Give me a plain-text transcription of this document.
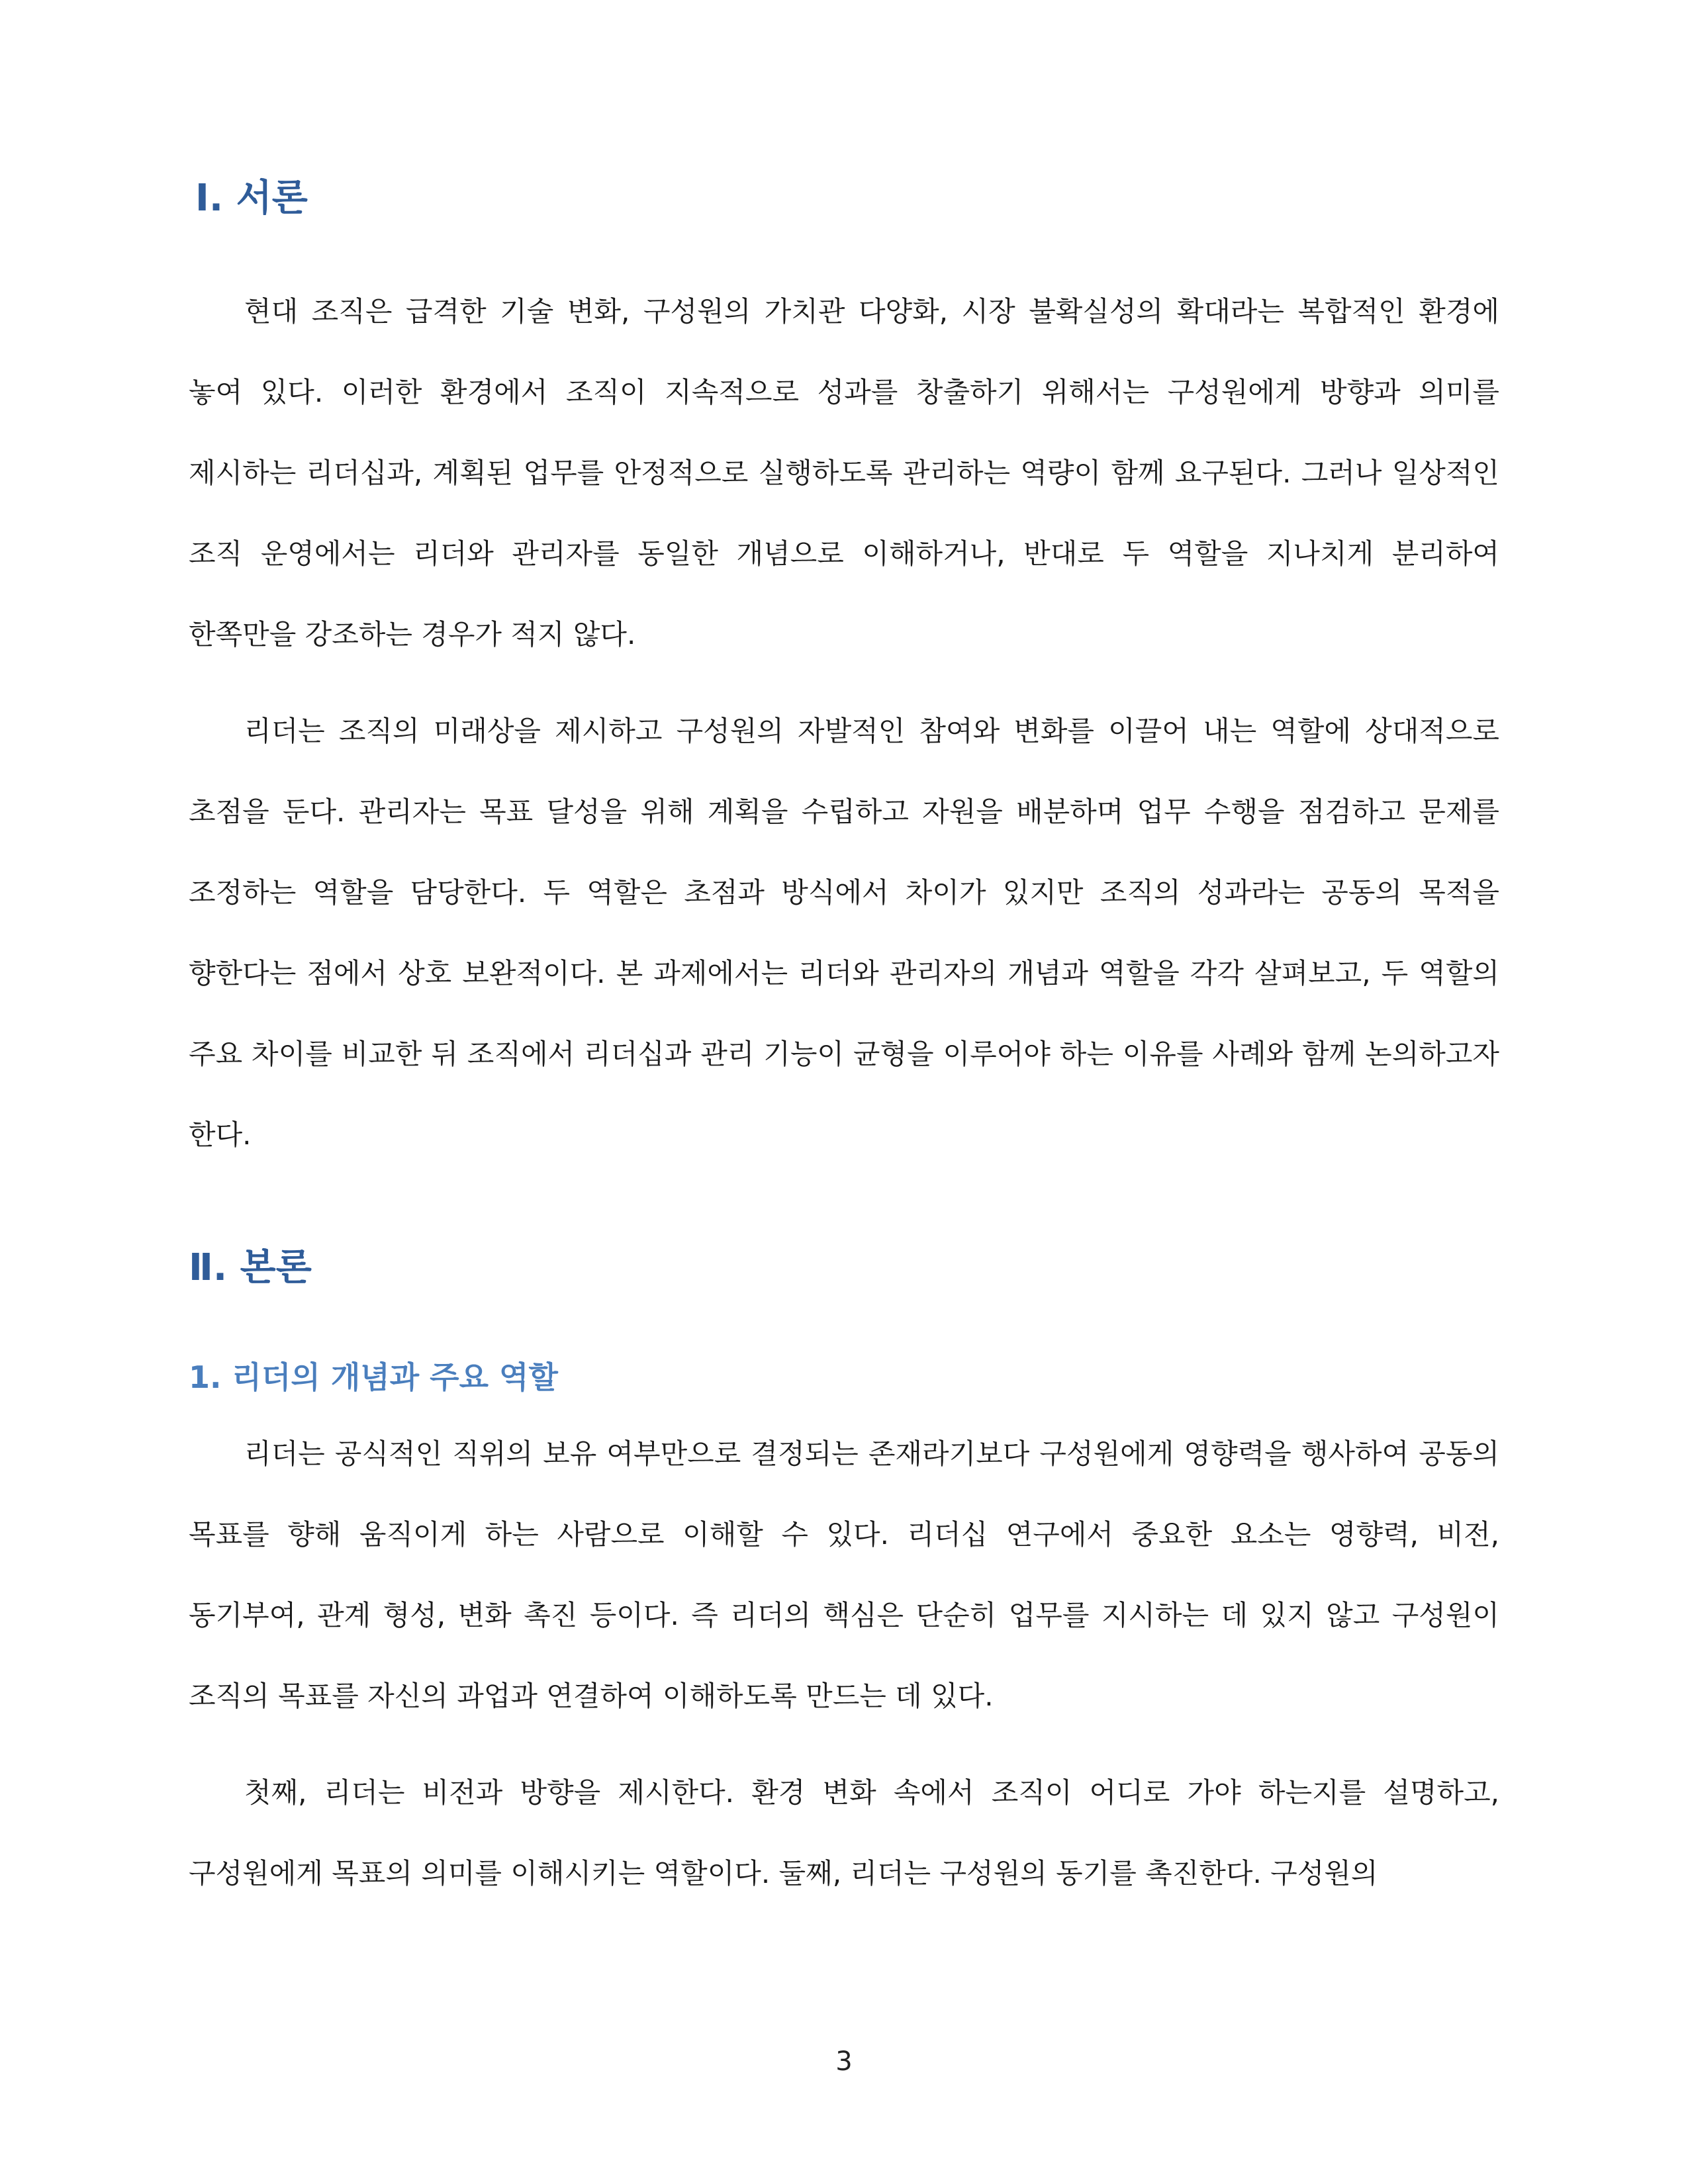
Ⅰ. 서론

현대 조직은 급격한 기술 변화, 구성원의 가치관 다양화, 시장 불확실성의 확대라는 복합적인 환경에 놓여 있다. 이러한 환경에서 조직이 지속적으로 성과를 창출하기 위해서는 구성원에게 방향과 의미를 제시하는 리더십과, 계획된 업무를 안정적으로 실행하도록 관리하는 역량이 함께 요구된다. 그러나 일상적인 조직 운영에서는 리더와 관리자를 동일한 개념으로 이해하거나, 반대로 두 역할을 지나치게 분리하여 한쪽만을 강조하는 경우가 적지 않다.

리더는 조직의 미래상을 제시하고 구성원의 자발적인 참여와 변화를 이끌어 내는 역할에 상대적으로 초점을 둔다. 관리자는 목표 달성을 위해 계획을 수립하고 자원을 배분하며 업무 수행을 점검하고 문제를 조정하는 역할을 담당한다. 두 역할은 초점과 방식에서 차이가 있지만 조직의 성과라는 공동의 목적을 향한다는 점에서 상호 보완적이다. 본 과제에서는 리더와 관리자의 개념과 역할을 각각 살펴보고, 두 역할의 주요 차이를 비교한 뒤 조직에서 리더십과 관리 기능이 균형을 이루어야 하는 이유를 사례와 함께 논의하고자 한다.

Ⅱ. 본론
1. 리더의 개념과 주요 역할

리더는 공식적인 직위의 보유 여부만으로 결정되는 존재라기보다 구성원에게 영향력을 행사하여 공동의 목표를 향해 움직이게 하는 사람으로 이해할 수 있다. 리더십 연구에서 중요한 요소는 영향력, 비전, 동기부여, 관계 형성, 변화 촉진 등이다. 즉 리더의 핵심은 단순히 업무를 지시하는 데 있지 않고 구성원이 조직의 목표를 자신의 과업과 연결하여 이해하도록 만드는 데 있다.

첫째, 리더는 비전과 방향을 제시한다. 환경 변화 속에서 조직이 어디로 가야 하는지를 설명하고, 구성원에게 목표의 의미를 이해시키는 역할이다. 둘째, 리더는 구성원의 동기를 촉진한다. 구성원의

3
